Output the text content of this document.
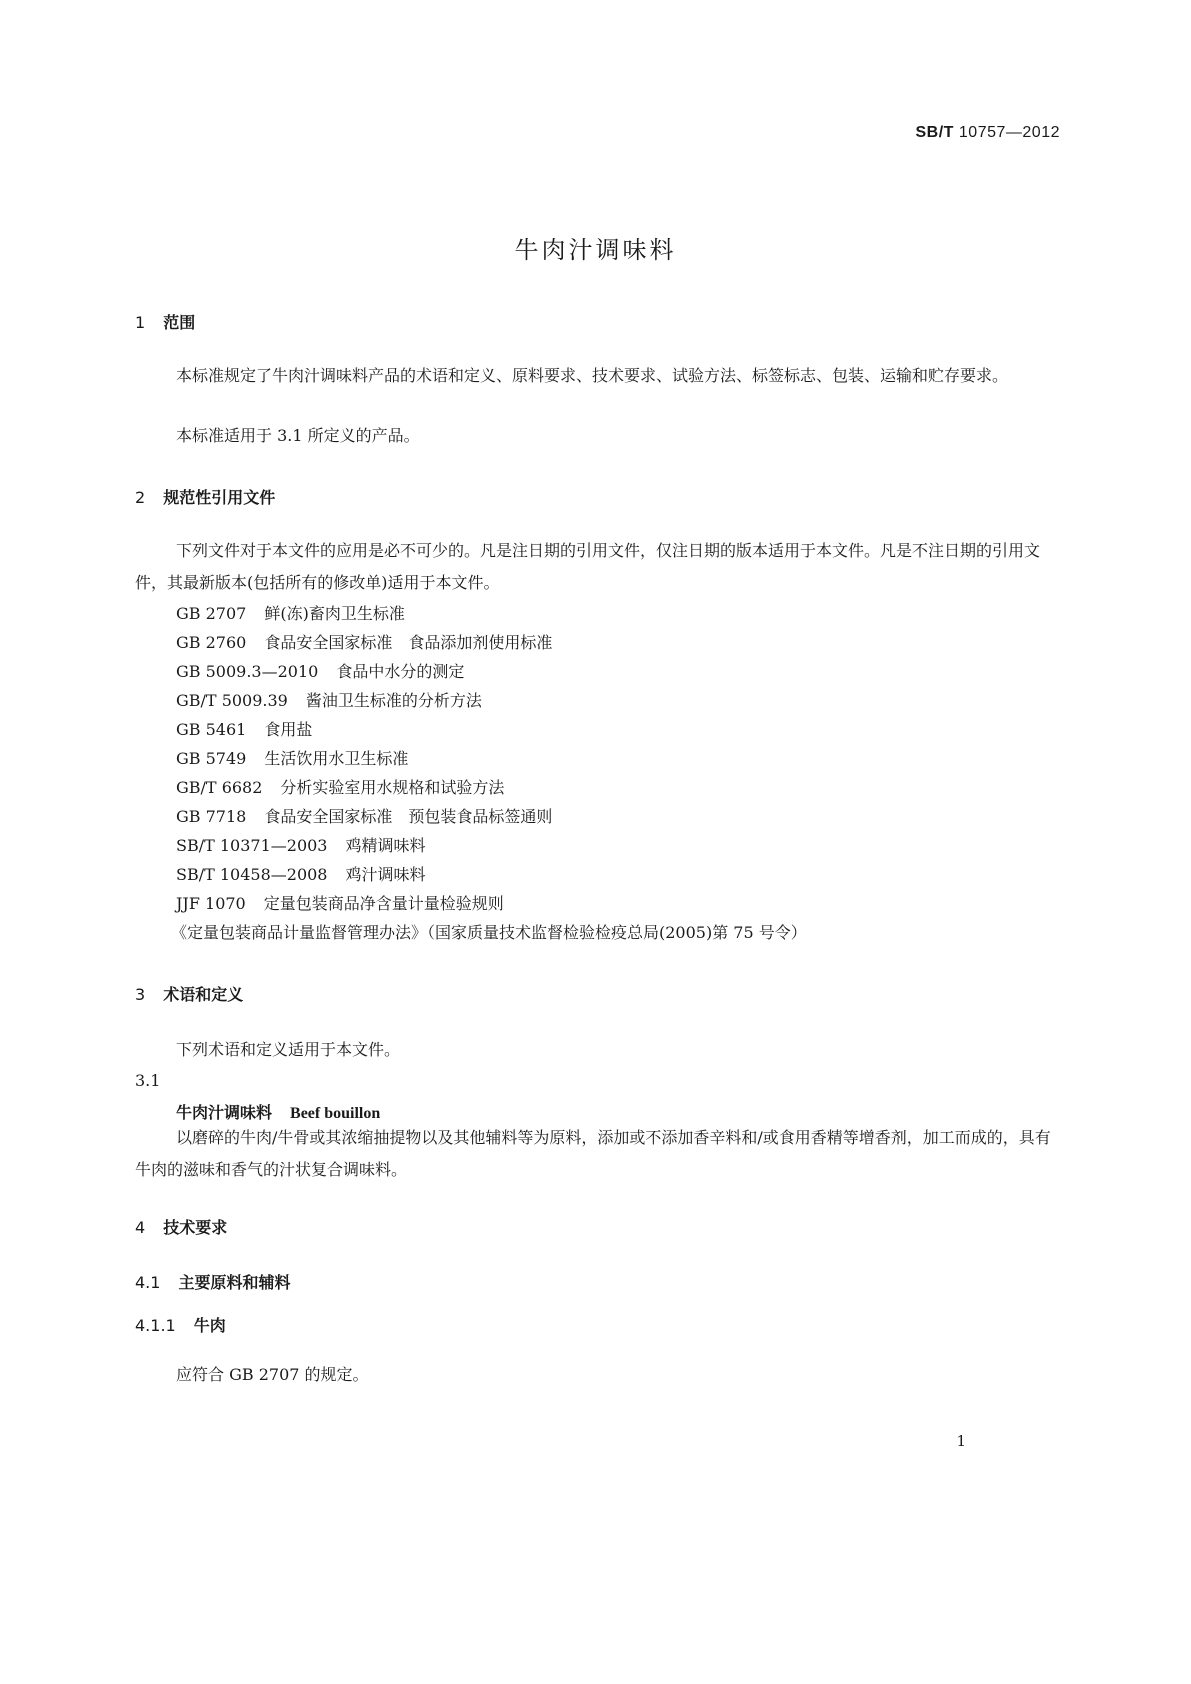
SB/T 10757—2012
牛肉汁调味料
1 范围
本标准规定了牛肉汁调味料产品的术语和定义、原料要求、技术要求、试验方法、标签标志、包装、运输和贮存要求。
本标准适用于 3.1 所定义的产品。
2 规范性引用文件
下列文件对于本文件的应用是必不可少的。凡是注日期的引用文件，仅注日期的版本适用于本文件。凡是不注日期的引用文件，其最新版本(包括所有的修改单)适用于本文件。
GB 2707 鲜(冻)畜肉卫生标准
GB 2760 食品安全国家标准　食品添加剂使用标准
GB 5009.3—2010 食品中水分的测定
GB/T 5009.39 酱油卫生标准的分析方法
GB 5461 食用盐
GB 5749 生活饮用水卫生标准
GB/T 6682 分析实验室用水规格和试验方法
GB 7718 食品安全国家标准　预包装食品标签通则
SB/T 10371—2003 鸡精调味料
SB/T 10458—2008 鸡汁调味料
JJF 1070 定量包装商品净含量计量检验规则
《定量包装商品计量监督管理办法》（国家质量技术监督检验检疫总局(2005)第 75 号令）
3 术语和定义
下列术语和定义适用于本文件。
3.1
牛肉汁调味料 Beef bouillon
以磨碎的牛肉/牛骨或其浓缩抽提物以及其他辅料等为原料，添加或不添加香辛料和/或食用香精等增香剂，加工而成的，具有牛肉的滋味和香气的汁状复合调味料。
4 技术要求
4.1 主要原料和辅料
4.1.1 牛肉
应符合 GB 2707 的规定。
1
